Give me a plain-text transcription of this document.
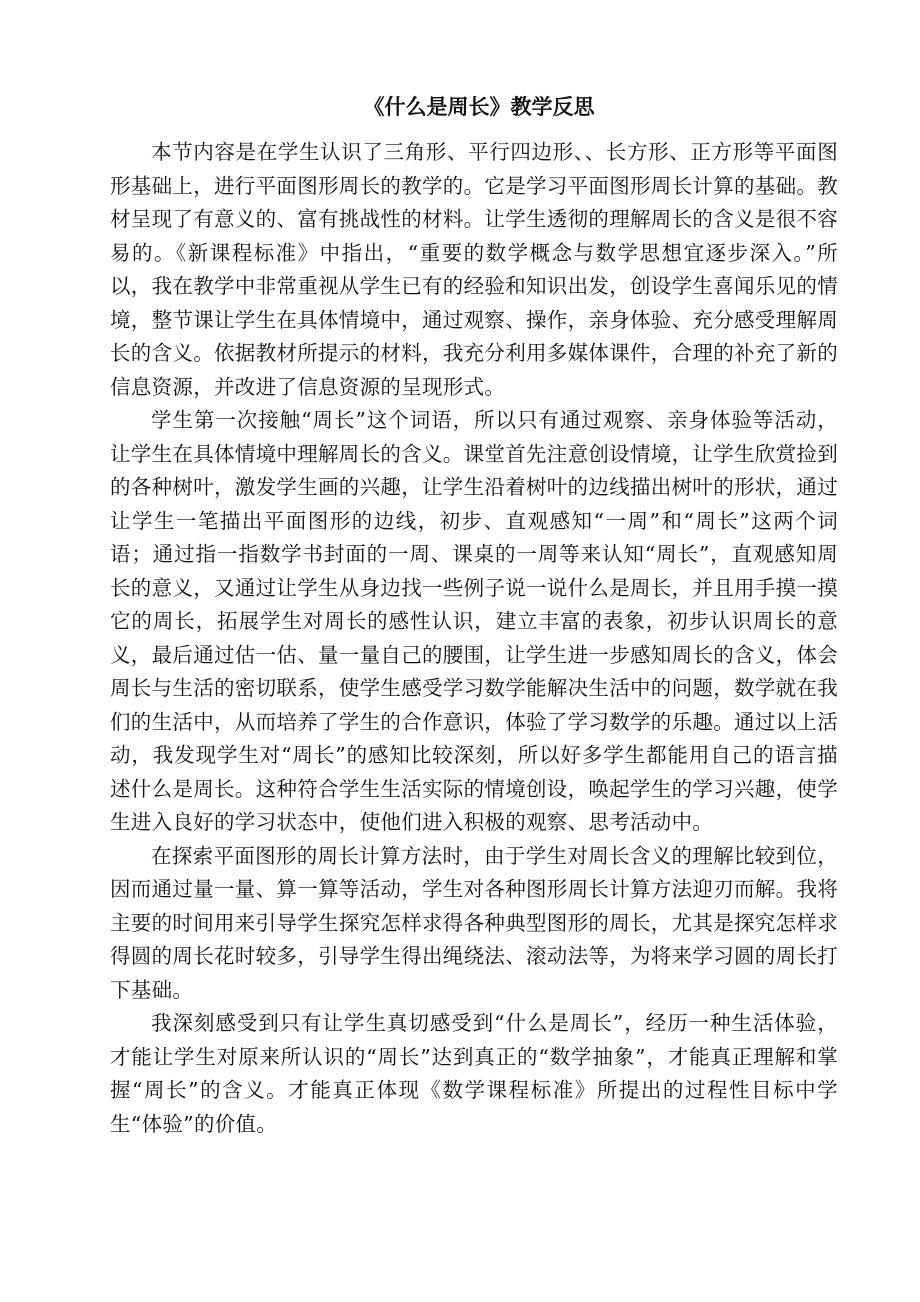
《什么是周长》教学反思

本节内容是在学生认识了三角形、平行四边形、、长方形、正方形等平面图形基础上，进行平面图形周长的教学的。它是学习平面图形周长计算的基础。教材呈现了有意义的、富有挑战性的材料。让学生透彻的理解周长的含义是很不容易的。《新课程标准》中指出，“重要的数学概念与数学思想宜逐步深入。”所以，我在教学中非常重视从学生已有的经验和知识出发，创设学生喜闻乐见的情境，整节课让学生在具体情境中，通过观察、操作，亲身体验、充分感受理解周长的含义。依据教材所提示的材料，我充分利用多媒体课件，合理的补充了新的信息资源，并改进了信息资源的呈现形式。

学生第一次接触“周长”这个词语，所以只有通过观察、亲身体验等活动，让学生在具体情境中理解周长的含义。课堂首先注意创设情境，让学生欣赏捡到的各种树叶，激发学生画的兴趣，让学生沿着树叶的边线描出树叶的形状，通过让学生一笔描出平面图形的边线，初步、直观感知“一周”和“周长”这两个词语；通过指一指数学书封面的一周、课桌的一周等来认知“周长”，直观感知周长的意义，又通过让学生从身边找一些例子说一说什么是周长，并且用手摸一摸它的周长，拓展学生对周长的感性认识，建立丰富的表象，初步认识周长的意义，最后通过估一估、量一量自己的腰围，让学生进一步感知周长的含义，体会周长与生活的密切联系，使学生感受学习数学能解决生活中的问题，数学就在我们的生活中，从而培养了学生的合作意识，体验了学习数学的乐趣。通过以上活动，我发现学生对“周长”的感知比较深刻，所以好多学生都能用自己的语言描述什么是周长。这种符合学生生活实际的情境创设，唤起学生的学习兴趣，使学生进入良好的学习状态中，使他们进入积极的观察、思考活动中。

在探索平面图形的周长计算方法时，由于学生对周长含义的理解比较到位，因而通过量一量、算一算等活动，学生对各种图形周长计算方法迎刃而解。我将主要的时间用来引导学生探究怎样求得各种典型图形的周长，尤其是探究怎样求得圆的周长花时较多，引导学生得出绳绕法、滚动法等，为将来学习圆的周长打下基础。

我深刻感受到只有让学生真切感受到“什么是周长”，经历一种生活体验，才能让学生对原来所认识的“周长”达到真正的“数学抽象”，才能真正理解和掌握“周长”的含义。才能真正体现《数学课程标准》所提出的过程性目标中学生“体验”的价值。
